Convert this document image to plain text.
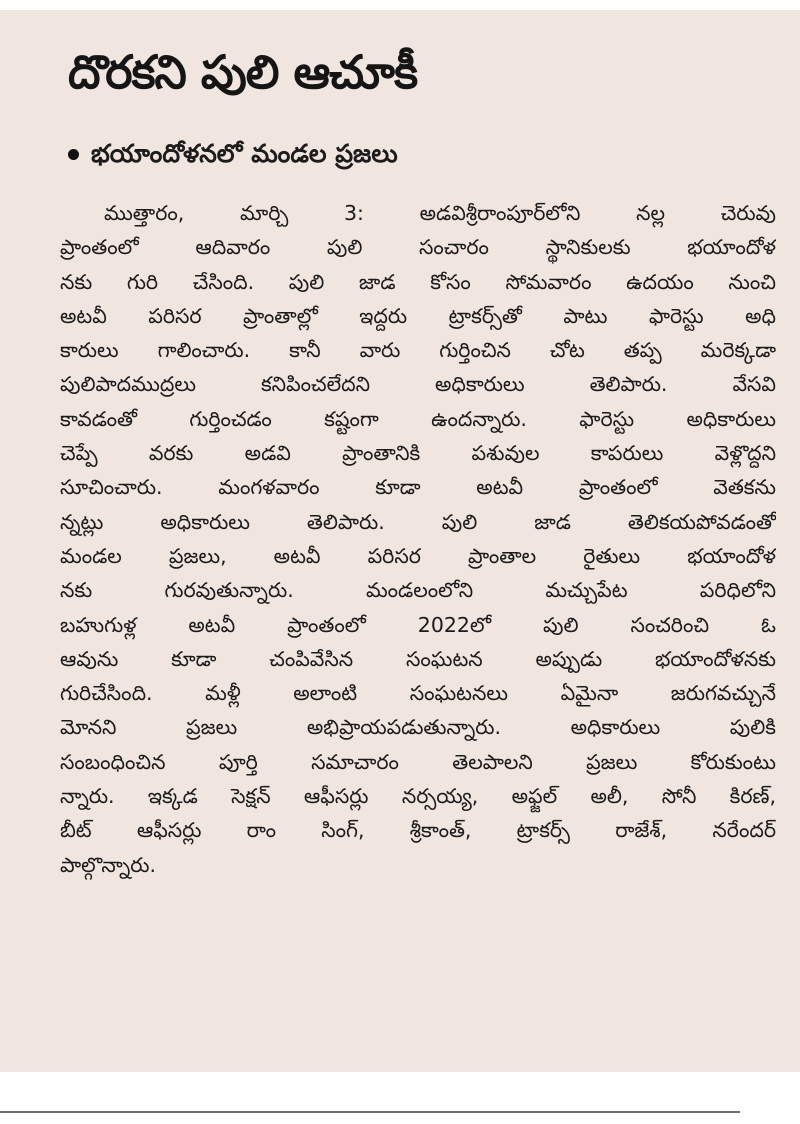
దొరకని పులి ఆచూకీ
భయాందోళనలో మండల ప్రజలు
ముత్తారం, మార్చి 3: అడవిశ్రీరాంపూర్‌లోని నల్ల చెరువు
ప్రాంతంలో ఆదివారం పులి సంచారం స్థానికులకు భయాందోళ
నకు గురి చేసింది. పులి జాడ కోసం సోమవారం ఉదయం నుంచి
అటవీ పరిసర ప్రాంతాల్లో ఇద్దరు ట్రాకర్స్‌తో పాటు ఫారెస్టు అధి
కారులు గాలించారు. కానీ వారు గుర్తించిన చోట తప్ప మరెక్కడా
పులిపాదముద్రలు కనిపించలేదని అధికారులు తెలిపారు. వేసవి
కావడంతో గుర్తించడం కష్టంగా ఉందన్నారు. ఫారెస్టు అధికారులు
చెప్పే వరకు అడవి ప్రాంతానికి పశువుల కాపరులు వెళ్లొద్దని
సూచించారు. మంగళవారం కూడా అటవీ ప్రాంతంలో వెతకను
న్నట్లు అధికారులు తెలిపారు. పులి జాడ తెలికయపోవడంతో
మండల ప్రజలు, అటవీ పరిసర ప్రాంతాల రైతులు భయాందోళ
నకు గురవుతున్నారు. మండలంలోని మచ్చుపేట పరిధిలోని
బహుగుళ్ల అటవీ ప్రాంతంలో 2022లో పులి సంచరించి ఓ
ఆవును కూడా చంపివేసిన సంఘటన అప్పుడు భయాందోళనకు
గురిచేసింది. మళ్లీ అలాంటి సంఘటనలు ఏమైనా జరుగవచ్చునే
మోనని ప్రజలు అభిప్రాయపడుతున్నారు. అధికారులు పులికి
సంబంధించిన పూర్తి సమాచారం తెలపాలని ప్రజలు కోరుకుంటు
న్నారు. ఇక్కడ సెక్షన్ ఆఫీసర్లు నర్సయ్య, అఫ్జల్ అలీ, సోనీ కిరణ్,
బీట్ ఆఫీసర్లు రాం సింగ్, శ్రీకాంత్, ట్రాకర్స్ రాజేశ్, నరేందర్
పాల్గొన్నారు.
